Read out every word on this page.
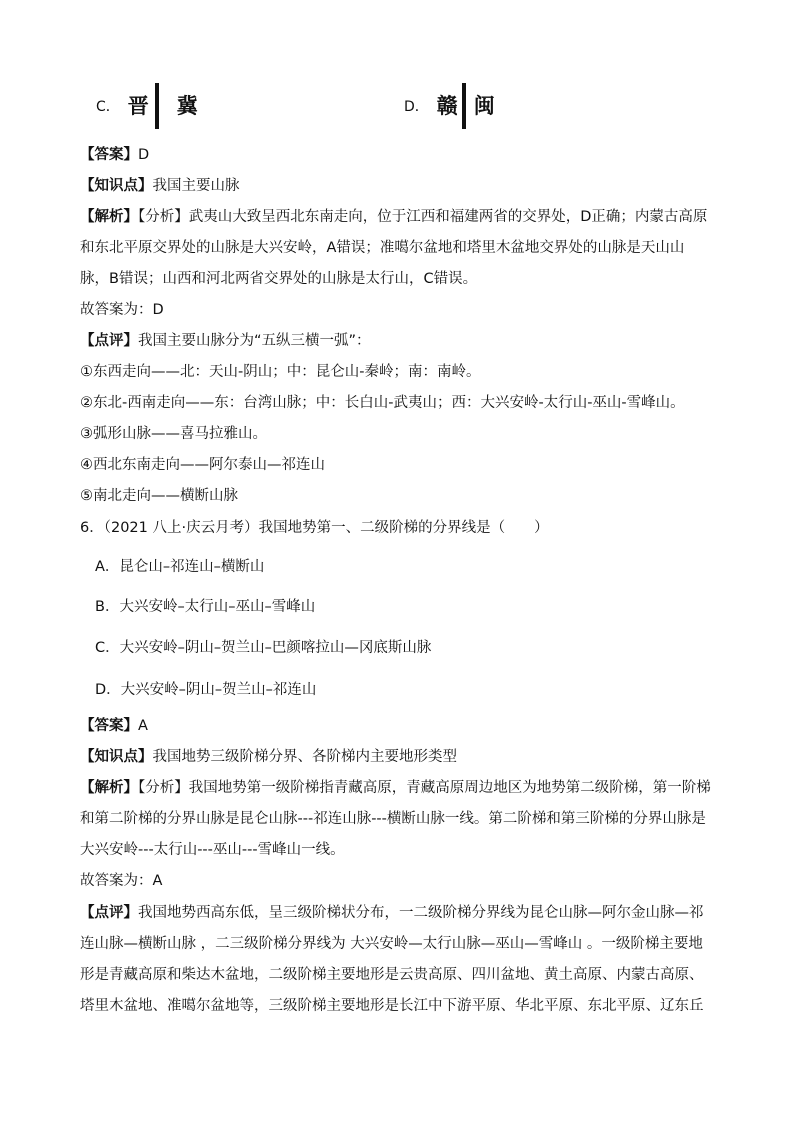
C． 晋 冀	D． 赣 闽
【答案】D
【知识点】我国主要山脉
【解析】【分析】武夷山大致呈西北东南走向，位于江西和福建两省的交界处，D正确；内蒙古高原
和东北平原交界处的山脉是大兴安岭，A错误；准噶尔盆地和塔里木盆地交界处的山脉是天山山
脉，B错误；山西和河北两省交界处的山脉是太行山，C错误。
故答案为：D
【点评】我国主要山脉分为“五纵三横一弧”：
①东西走向——北：天山-阴山；中：昆仑山-秦岭；南：南岭。
②东北-西南走向——东：台湾山脉；中：长白山-武夷山；西：大兴安岭-太行山-巫山-雪峰山。
③弧形山脉——喜马拉雅山。
④西北东南走向——阿尔泰山—祁连山
⑤南北走向——横断山脉
6．（2021 八上·庆云月考）我国地势第一、二级阶梯的分界线是（　　）
A．昆仑山–祁连山–横断山
B．大兴安岭–太行山–巫山–雪峰山
C．大兴安岭–阴山–贺兰山–巴颜喀拉山—冈底斯山脉
D．大兴安岭–阴山–贺兰山–祁连山
【答案】A
【知识点】我国地势三级阶梯分界、各阶梯内主要地形类型
【解析】【分析】我国地势第一级阶梯指青藏高原，青藏高原周边地区为地势第二级阶梯，第一阶梯
和第二阶梯的分界山脉是昆仑山脉---祁连山脉---横断山脉一线。第二阶梯和第三阶梯的分界山脉是
大兴安岭---太行山---巫山---雪峰山一线。
故答案为：A
【点评】我国地势西高东低，呈三级阶梯状分布，一二级阶梯分界线为昆仑山脉—阿尔金山脉—祁
连山脉—横断山脉 ，二三级阶梯分界线为 大兴安岭—太行山脉—巫山—雪峰山 。一级阶梯主要地
形是青藏高原和柴达木盆地，二级阶梯主要地形是云贵高原、四川盆地、黄土高原、内蒙古高原、
塔里木盆地、准噶尔盆地等，三级阶梯主要地形是长江中下游平原、华北平原、东北平原、辽东丘
